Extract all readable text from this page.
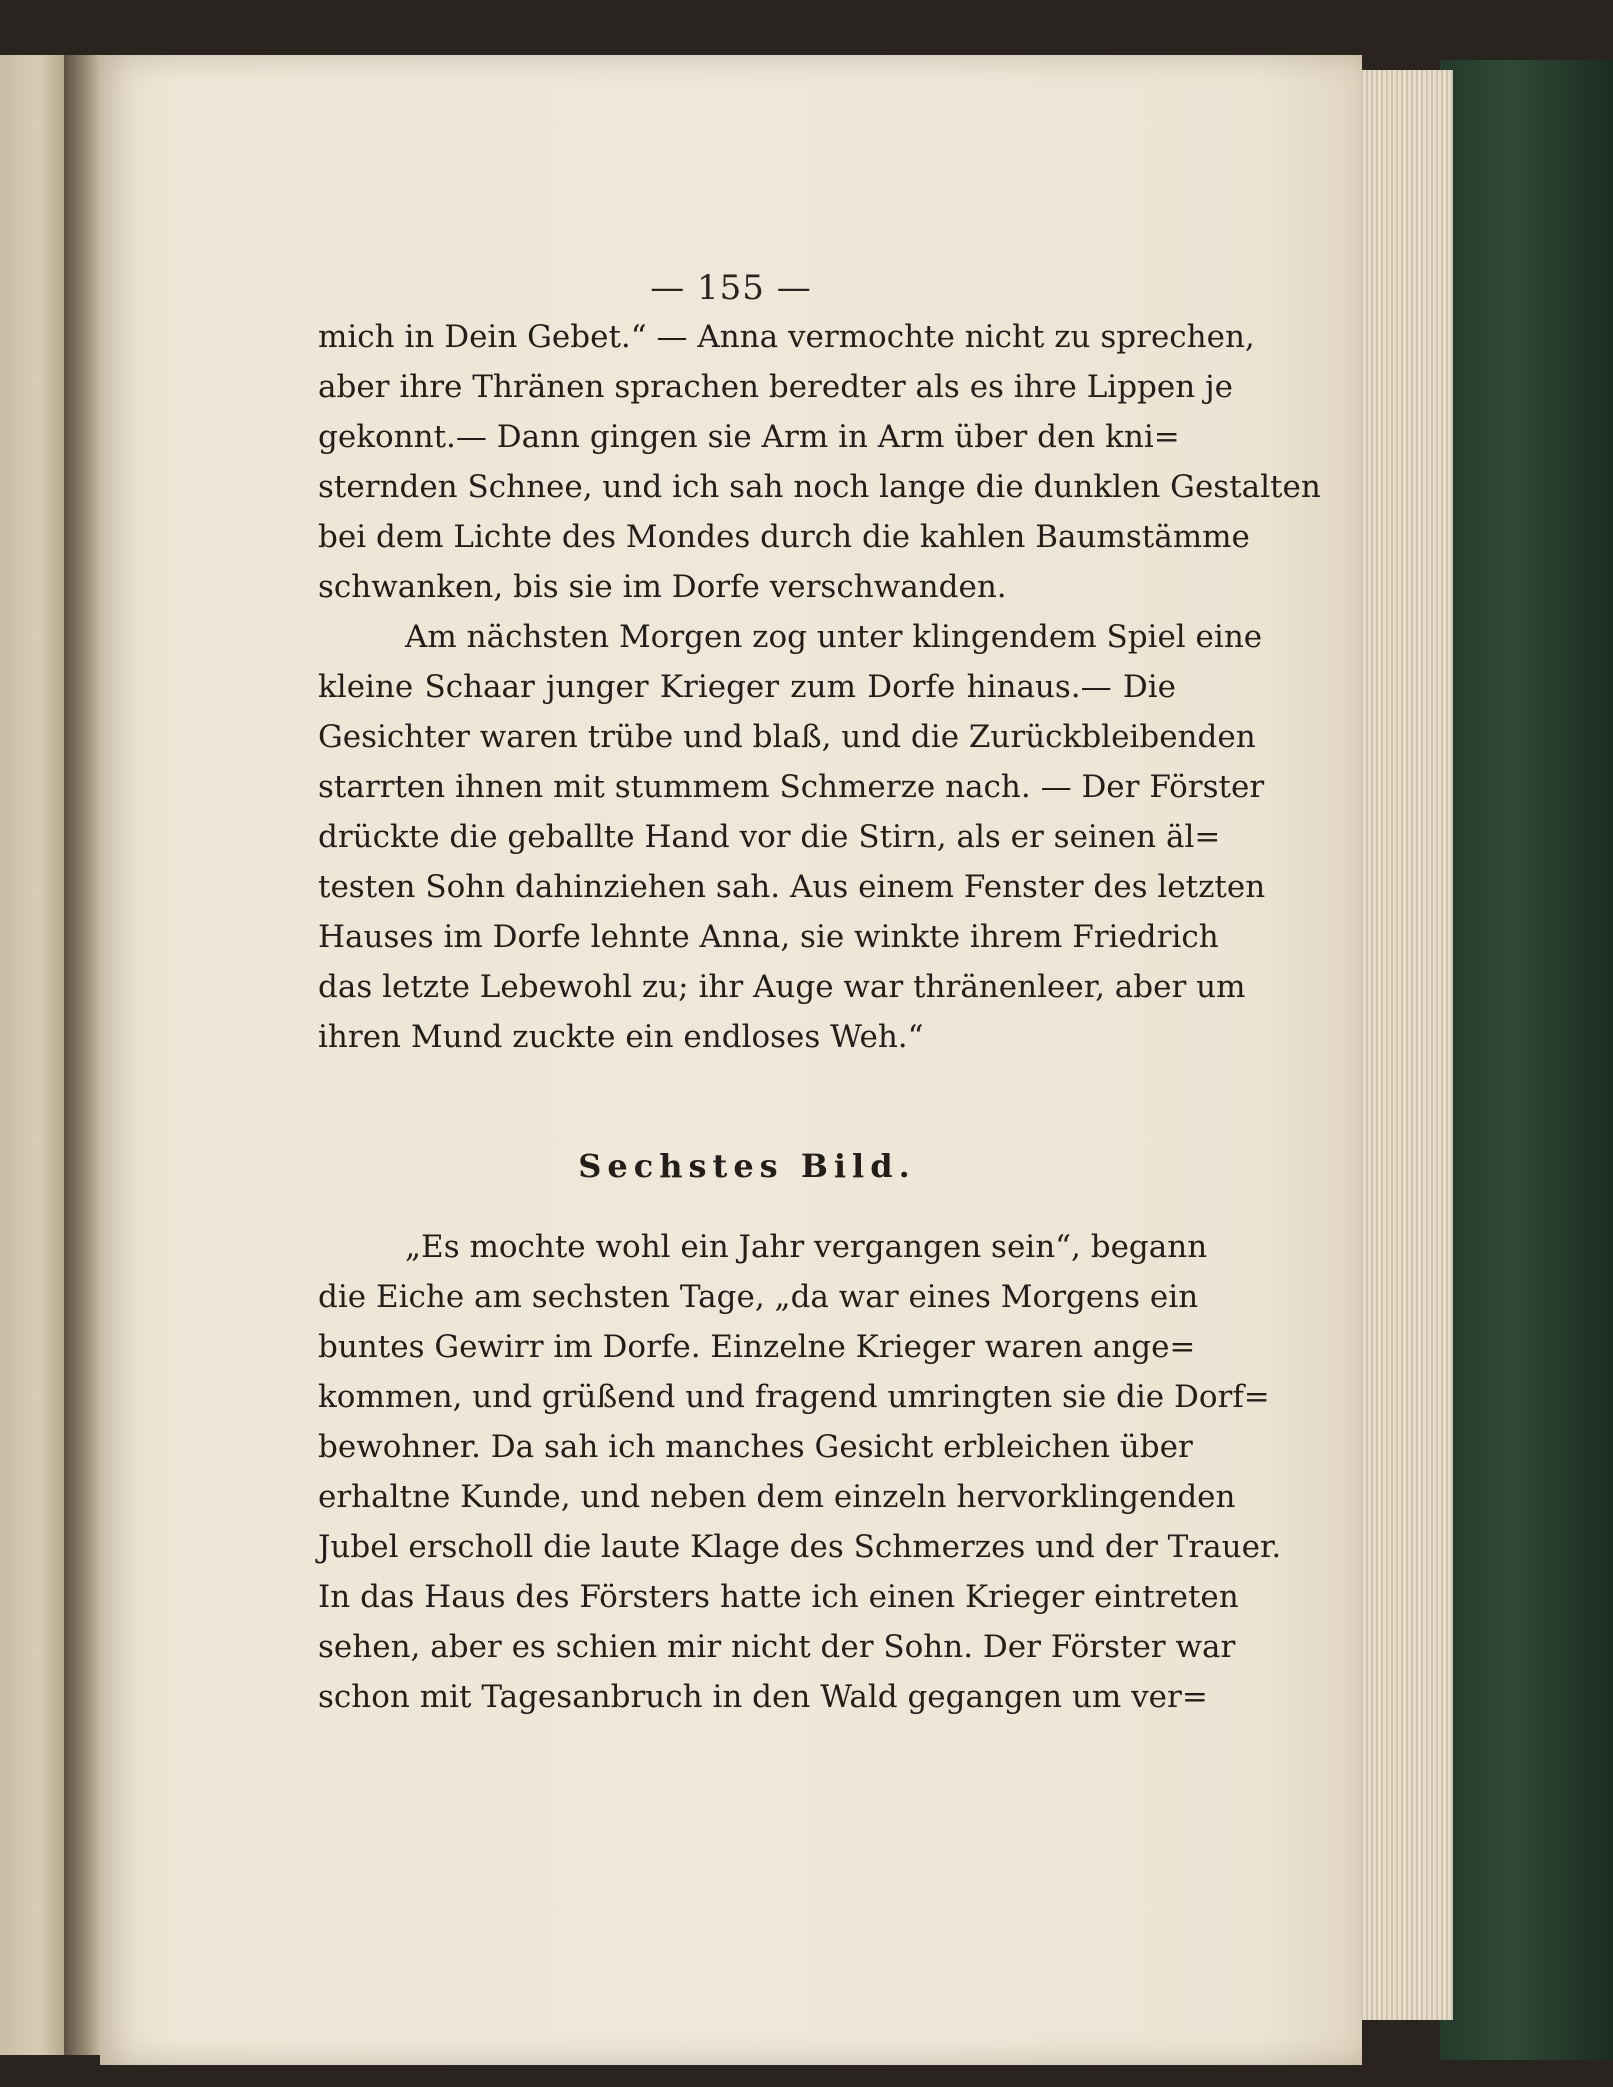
— 155 —
mich in Dein Gebet.“ — Anna vermochte nicht zu sprechen,
aber ihre Thränen sprachen beredter als es ihre Lippen je
gekonnt.— Dann gingen sie Arm in Arm über den kni=
sternden Schnee, und ich sah noch lange die dunklen Gestalten
bei dem Lichte des Mondes durch die kahlen Baumstämme
schwanken, bis sie im Dorfe verschwanden.
Am nächsten Morgen zog unter klingendem Spiel eine
kleine Schaar junger Krieger zum Dorfe hinaus.— Die
Gesichter waren trübe und blaß, und die Zurückbleibenden
starrten ihnen mit stummem Schmerze nach. — Der Förster
drückte die geballte Hand vor die Stirn, als er seinen äl=
testen Sohn dahinziehen sah. Aus einem Fenster des letzten
Hauses im Dorfe lehnte Anna, sie winkte ihrem Friedrich
das letzte Lebewohl zu; ihr Auge war thränenleer, aber um
ihren Mund zuckte ein endloses Weh.“
Sechstes Bild.
„Es mochte wohl ein Jahr vergangen sein“, begann
die Eiche am sechsten Tage, „da war eines Morgens ein
buntes Gewirr im Dorfe. Einzelne Krieger waren ange=
kommen, und grüßend und fragend umringten sie die Dorf=
bewohner. Da sah ich manches Gesicht erbleichen über
erhaltne Kunde, und neben dem einzeln hervorklingenden
Jubel erscholl die laute Klage des Schmerzes und der Trauer.
In das Haus des Försters hatte ich einen Krieger eintreten
sehen, aber es schien mir nicht der Sohn. Der Förster war
schon mit Tagesanbruch in den Wald gegangen um ver=
